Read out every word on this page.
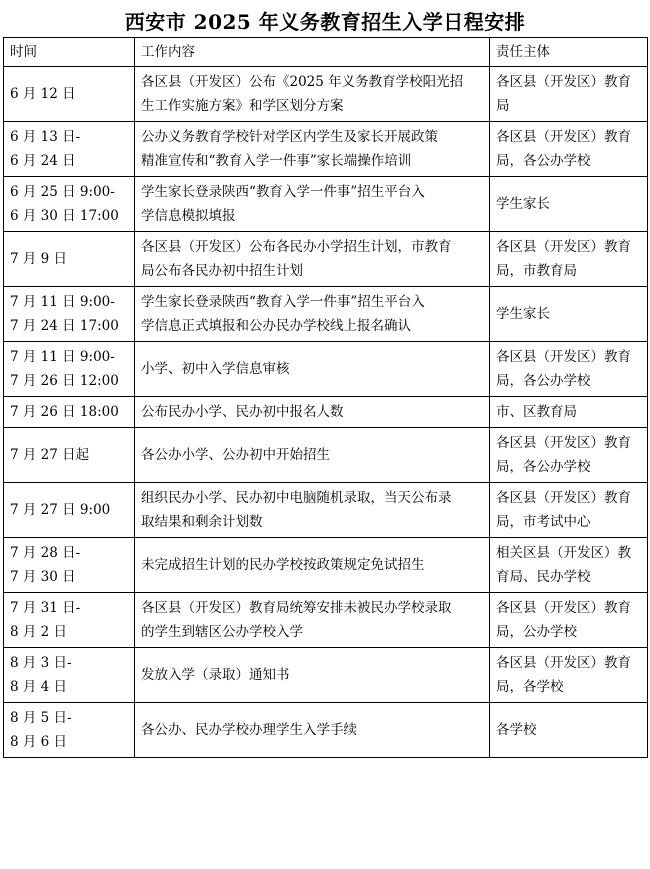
西安市 2025 年义务教育招生入学日程安排
时间	工作内容	责任主体

6 月 12 日	各区县（开发区）公布《2025 年义务教育学校阳光招
生工作实施方案》和学区划分方案	各区县（开发区）教育
局

6 月 13 日-
6 月 24 日	公办义务教育学校针对学区内学生及家长开展政策
精准宣传和“教育入学一件事”家长端操作培训	各区县（开发区）教育
局，各公办学校

6 月 25 日 9:00-
6 月 30 日 17:00	学生家长登录陕西“教育入学一件事”招生平台入
学信息模拟填报	学生家长

7 月 9 日	各区县（开发区）公布各民办小学招生计划，市教育
局公布各民办初中招生计划	各区县（开发区）教育
局，市教育局

7 月 11 日 9:00-
7 月 24 日 17:00	学生家长登录陕西“教育入学一件事”招生平台入
学信息正式填报和公办民办学校线上报名确认	学生家长

7 月 11 日 9:00-
7 月 26 日 12:00	小学、初中入学信息审核	各区县（开发区）教育
局，各公办学校

7 月 26 日 18:00	公布民办小学、民办初中报名人数	市、区教育局

7 月 27 日起	各公办小学、公办初中开始招生	各区县（开发区）教育
局，各公办学校

7 月 27 日 9:00	组织民办小学、民办初中电脑随机录取，当天公布录
取结果和剩余计划数	各区县（开发区）教育
局，市考试中心

7 月 28 日-
7 月 30 日	未完成招生计划的民办学校按政策规定免试招生	相关区县（开发区）教
育局、民办学校

7 月 31 日-
8 月 2 日	各区县（开发区）教育局统筹安排未被民办学校录取
的学生到辖区公办学校入学	各区县（开发区）教育
局，公办学校

8 月 3 日-
8 月 4 日	发放入学（录取）通知书	各区县（开发区）教育
局，各学校

8 月 5 日-
8 月 6 日	各公办、民办学校办理学生入学手续	各学校
